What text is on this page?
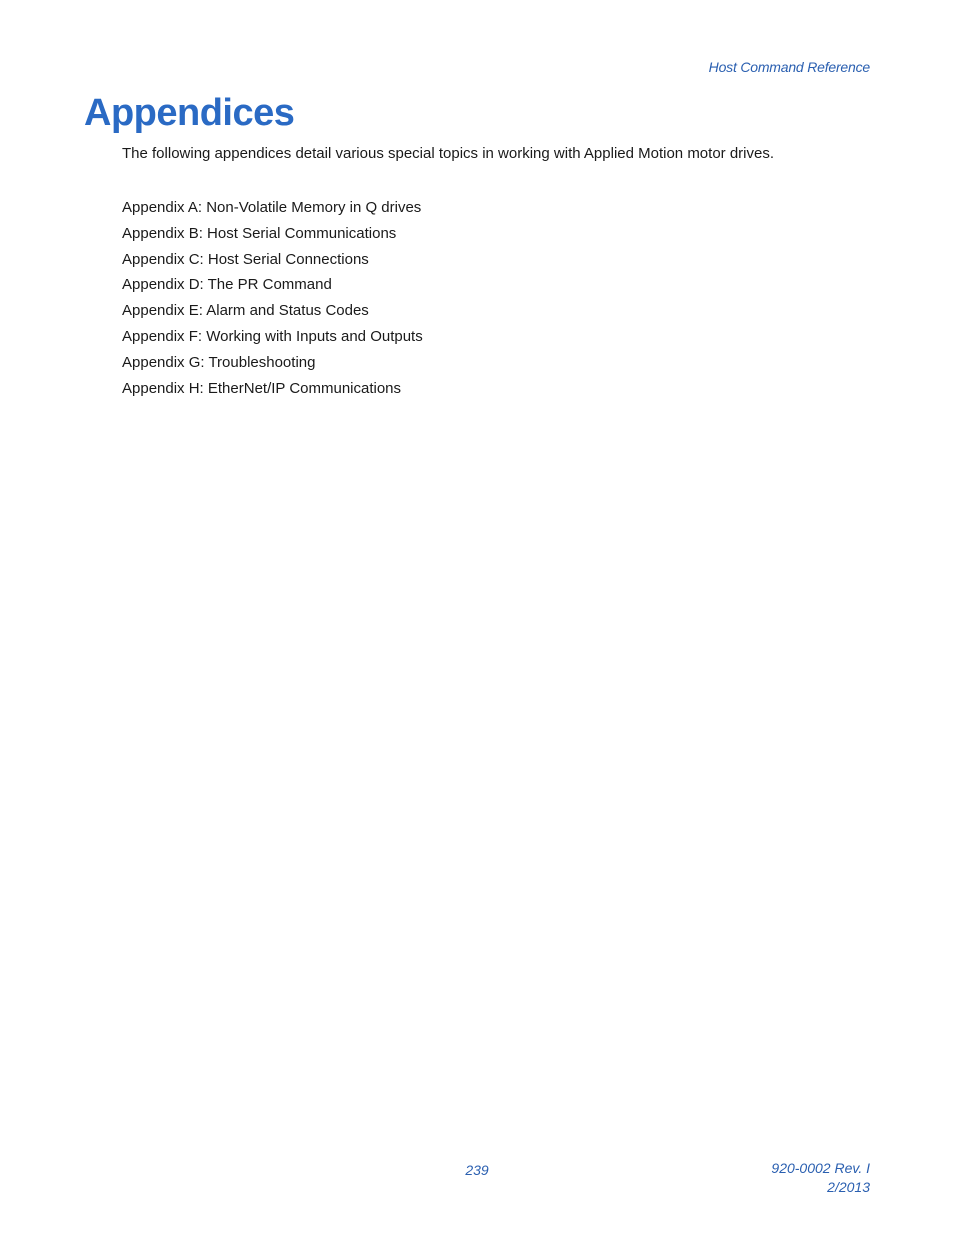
Host Command Reference
Appendices

The following appendices detail various special topics in working with Applied Motion motor drives.

Appendix A: Non-Volatile Memory in Q drives
Appendix B: Host Serial Communications
Appendix C: Host Serial Connections
Appendix D: The PR Command
Appendix E: Alarm and Status Codes
Appendix F: Working with Inputs and Outputs
Appendix G: Troubleshooting
Appendix H: EtherNet/IP Communications
239	920-0002 Rev. I
2/2013
